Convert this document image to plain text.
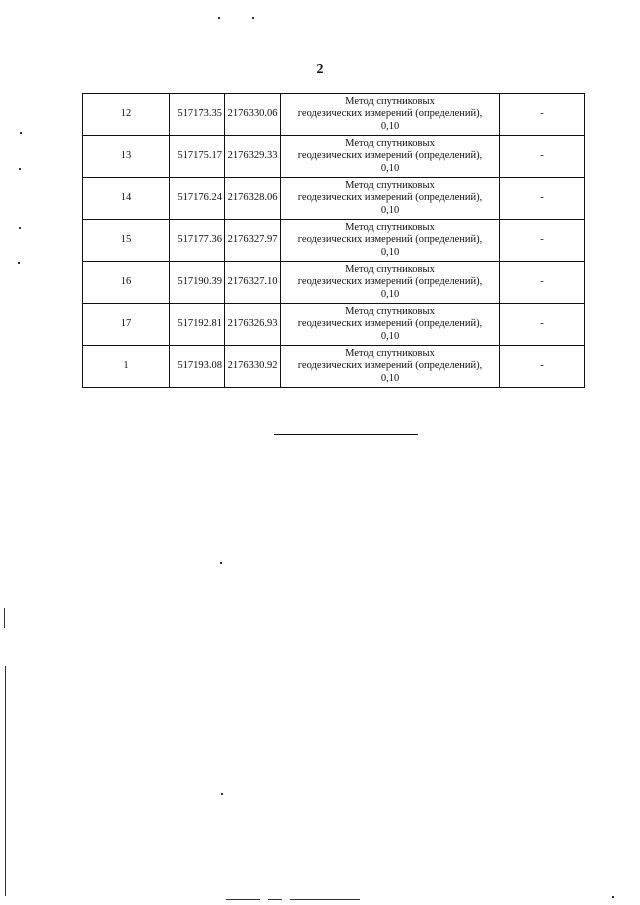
2
12	517173.35	2176330.06	Метод спутниковых
геодезических измерений (определений),
0,10	-
13	517175.17	2176329.33	Метод спутниковых
геодезических измерений (определений),
0,10	-
14	517176.24	2176328.06	Метод спутниковых
геодезических измерений (определений),
0,10	-
15	517177.36	2176327.97	Метод спутниковых
геодезических измерений (определений),
0,10	-
16	517190.39	2176327.10	Метод спутниковых
геодезических измерений (определений),
0,10	-
17	517192.81	2176326.93	Метод спутниковых
геодезических измерений (определений),
0,10	-
1	517193.08	2176330.92	Метод спутниковых
геодезических измерений (определений),
0,10	-
